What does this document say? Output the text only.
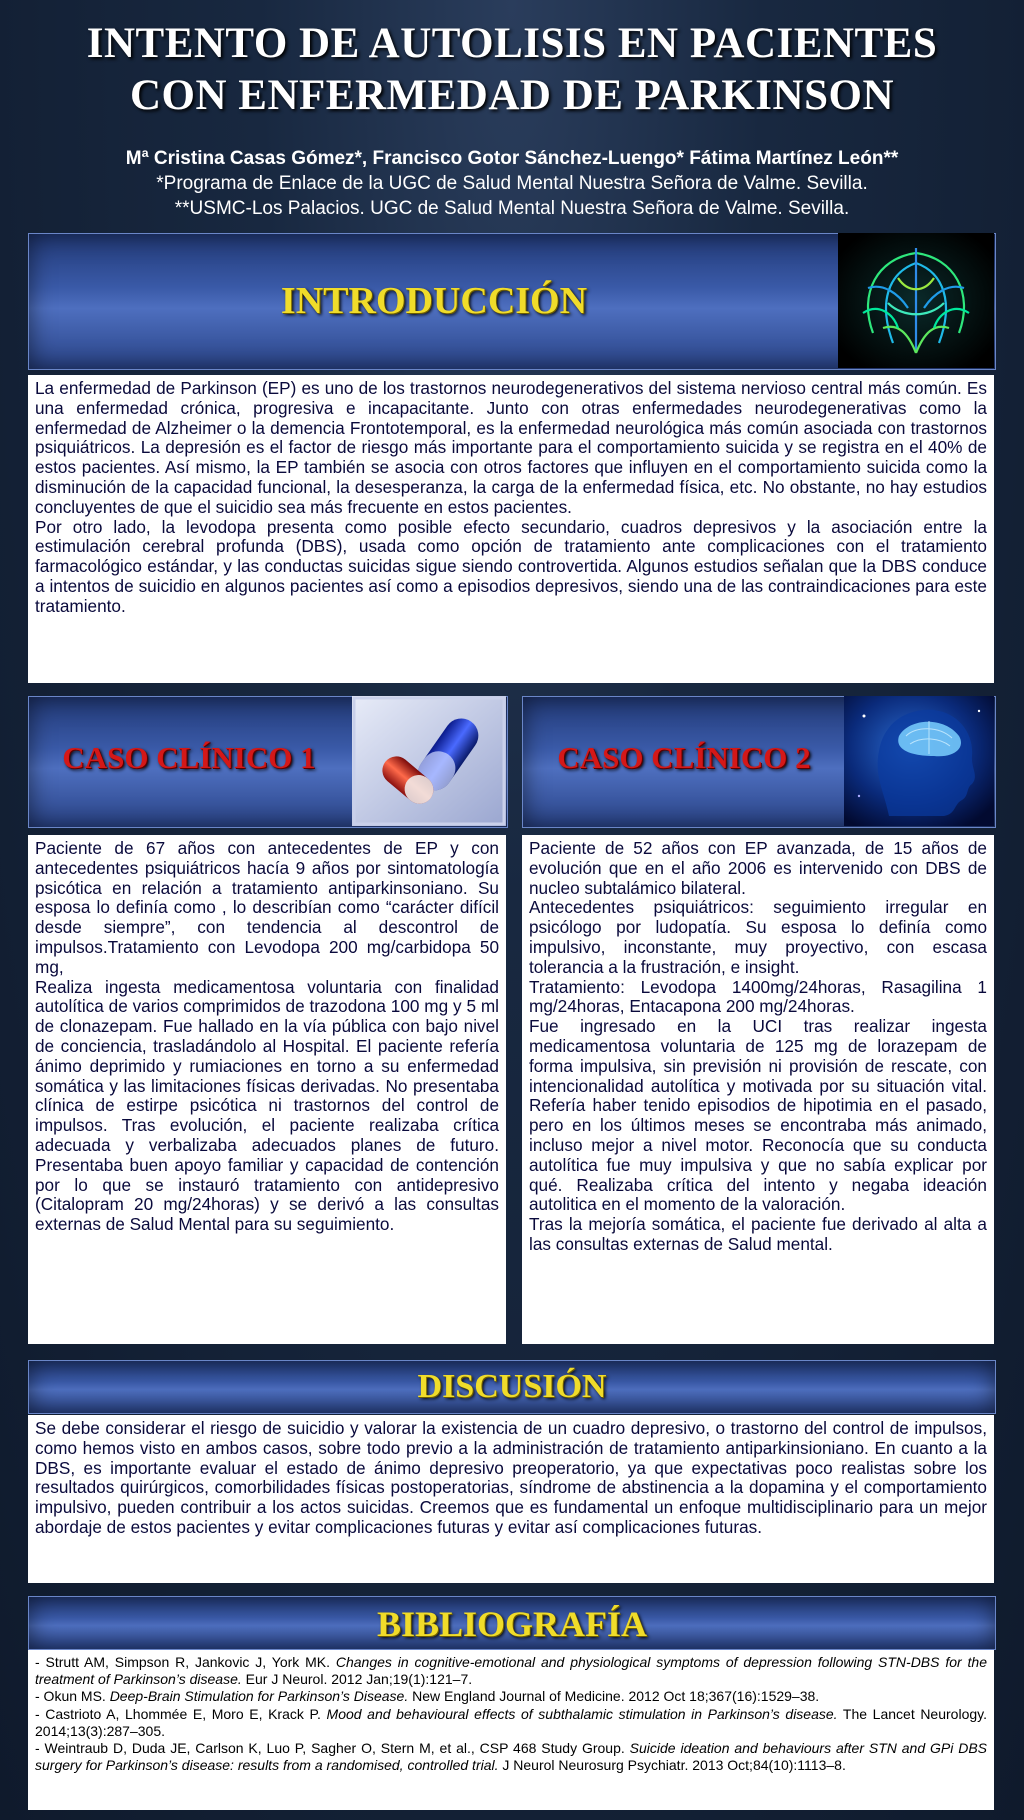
INTENTO DE AUTOLISIS EN PACIENTES
CON ENFERMEDAD DE PARKINSON
Mª Cristina Casas Gómez*, Francisco Gotor Sánchez-Luengo* Fátima Martínez León**
*Programa de Enlace de la UGC de Salud Mental Nuestra Señora de Valme. Sevilla.
**USMC-Los Palacios. UGC de Salud Mental Nuestra Señora de Valme. Sevilla.
INTRODUCCIÓN

La enfermedad de Parkinson (EP) es uno de los trastornos neurodegenerativos del sistema nervioso central más común. Es una enfermedad crónica, progresiva e incapacitante. Junto con otras enfermedades neurodegenerativas como la enfermedad de Alzheimer o la demencia Frontotemporal, es la enfermedad neurológica más común asociada con trastornos psiquiátricos. La depresión es el factor de riesgo más importante para el comportamiento suicida y se registra en el 40% de estos pacientes. Así mismo, la EP también se asocia con otros factores que influyen en el comportamiento suicida como la disminución de la capacidad funcional, la desesperanza, la carga de la enfermedad física, etc. No obstante, no hay estudios concluyentes de que el suicidio sea más frecuente en estos pacientes.

Por otro lado, la levodopa presenta como posible efecto secundario, cuadros depresivos y la asociación entre la estimulación cerebral profunda (DBS), usada como opción de tratamiento ante complicaciones con el tratamiento farmacológico estándar, y las conductas suicidas sigue siendo controvertida. Algunos estudios señalan que la DBS conduce a intentos de suicidio en algunos pacientes así como a episodios depresivos, siendo una de las contraindicaciones para este tratamiento.

CASO CLÍNICO 1	CASO CLÍNICO 2

Paciente de 67 años con antecedentes de EP y con antecedentes psiquiátricos hacía 9 años por sintomatología psicótica en relación a tratamiento antiparkinsoniano. Su esposa lo definía como , lo describían como “carácter difícil desde siempre”, con tendencia al descontrol de impulsos.Tratamiento con Levodopa 200 mg/carbidopa 50 mg,

Realiza ingesta medicamentosa voluntaria con finalidad autolítica de varios comprimidos de trazodona 100 mg y 5 ml de clonazepam. Fue hallado en la vía pública con bajo nivel de conciencia, trasladándolo al Hospital. El paciente refería ánimo deprimido y rumiaciones en torno a su enfermedad somática y las limitaciones físicas derivadas. No presentaba clínica de estirpe psicótica ni trastornos del control de impulsos. Tras evolución, el paciente realizaba crítica adecuada y verbalizaba adecuados planes de futuro. Presentaba buen apoyo familiar y capacidad de contención por lo que se instauró tratamiento con antidepresivo (Citalopram 20 mg/24horas) y se derivó a las consultas externas de Salud Mental para su seguimiento.

Paciente de 52 años con EP avanzada, de 15 años de evolución que en el año 2006 es intervenido con DBS de nucleo subtalámico bilateral.

Antecedentes psiquiátricos: seguimiento irregular en psicólogo por ludopatía. Su esposa lo definía como impulsivo, inconstante, muy proyectivo, con escasa tolerancia a la frustración, e insight.

Tratamiento: Levodopa 1400mg/24horas, Rasagilina 1 mg/24horas, Entacapona 200 mg/24horas.

Fue ingresado en la UCI tras realizar ingesta medicamentosa voluntaria de 125 mg de lorazepam de forma impulsiva, sin previsión ni provisión de rescate, con intencionalidad autolítica y motivada por su situación vital. Refería haber tenido episodios de hipotimia en el pasado, pero en los últimos meses se encontraba más animado, incluso mejor a nivel motor. Reconocía que su conducta autolítica fue muy impulsiva y que no sabía explicar por qué. Realizaba crítica del intento y negaba ideación autolitica en el momento de la valoración.

Tras la mejoría somática, el paciente fue derivado al alta a las consultas externas de Salud mental.

DISCUSIÓN

Se debe considerar el riesgo de suicidio y valorar la existencia de un cuadro depresivo, o trastorno del control de impulsos, como hemos visto en ambos casos, sobre todo previo a la administración de tratamiento antiparkinsioniano. En cuanto a la DBS, es importante evaluar el estado de ánimo depresivo preoperatorio, ya que expectativas poco realistas sobre los resultados quirúrgicos, comorbilidades físicas postoperatorias, síndrome de abstinencia a la dopamina y el comportamiento impulsivo, pueden contribuir a los actos suicidas. Creemos que es fundamental un enfoque multidisciplinario para un mejor abordaje de estos pacientes y evitar complicaciones futuras y evitar así complicaciones futuras.

BIBLIOGRAFÍA

- Strutt AM, Simpson R, Jankovic J, York MK. Changes in cognitive-emotional and physiological symptoms of depression following STN-DBS for the treatment of Parkinson’s disease. Eur J Neurol. 2012 Jan;19(1):121–7.

- Okun MS. Deep-Brain Stimulation for Parkinson’s Disease. New England Journal of Medicine. 2012 Oct 18;367(16):1529–38.

- Castrioto A, Lhommée E, Moro E, Krack P. Mood and behavioural effects of subthalamic stimulation in Parkinson’s disease. The Lancet Neurology. 2014;13(3):287–305.

- Weintraub D, Duda JE, Carlson K, Luo P, Sagher O, Stern M, et al., CSP 468 Study Group. Suicide ideation and behaviours after STN and GPi DBS surgery for Parkinson’s disease: results from a randomised, controlled trial. J Neurol Neurosurg Psychiatr. 2013 Oct;84(10):1113–8.
